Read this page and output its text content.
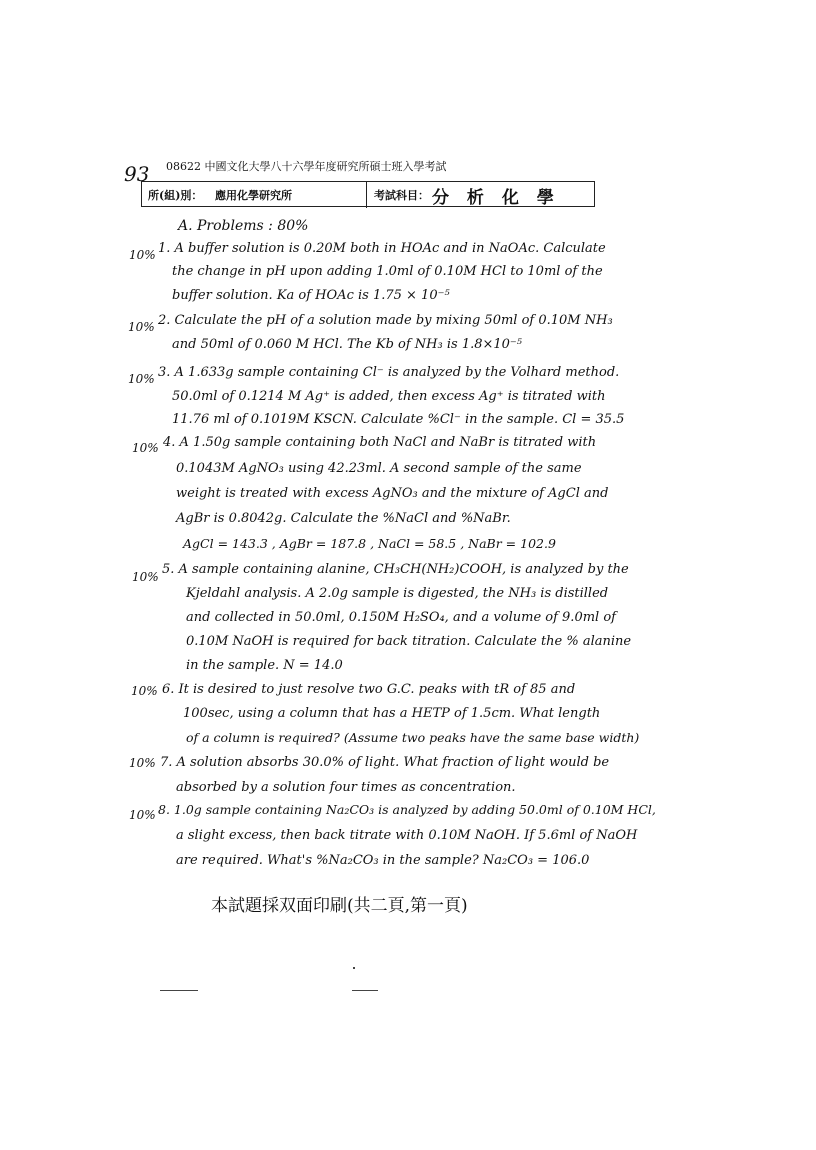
93 08622 中國文化大學八十六學年度研究所碩士班入學考試
所(組)別： 應用化學研究所	考試科目： 分 析 化 學
A. Problems : 80%
10% 1. A buffer solution is 0.20M both in HOAc and in NaOAc. Calculate
the change in pH upon adding 1.0ml of 0.10M HCl to 10ml of the
buffer solution. Ka of HOAc is 1.75 × 10⁻⁵
10% 2. Calculate the pH of a solution made by mixing 50ml of 0.10M NH₃
and 50ml of 0.060 M HCl. The Kb of NH₃ is 1.8×10⁻⁵
10% 3. A 1.633g sample containing Cl⁻ is analyzed by the Volhard method.
50.0ml of 0.1214 M Ag⁺ is added, then excess Ag⁺ is titrated with
11.76 ml of 0.1019M KSCN. Calculate %Cl⁻ in the sample. Cl = 35.5
10% 4. A 1.50g sample containing both NaCl and NaBr is titrated with
0.1043M AgNO₃ using 42.23ml. A second sample of the same
weight is treated with excess AgNO₃ and the mixture of AgCl and
AgBr is 0.8042g. Calculate the %NaCl and %NaBr.
AgCl = 143.3 , AgBr = 187.8 , NaCl = 58.5 , NaBr = 102.9
10% 5. A sample containing alanine, CH₃CH(NH₂)COOH, is analyzed by the
Kjeldahl analysis. A 2.0g sample is digested, the NH₃ is distilled
and collected in 50.0ml, 0.150M H₂SO₄, and a volume of 9.0ml of
0.10M NaOH is required for back titration. Calculate the % alanine
in the sample. N = 14.0
10% 6. It is desired to just resolve two G.C. peaks with tR of 85 and
100sec, using a column that has a HETP of 1.5cm. What length
of a column is required? (Assume two peaks have the same base width)
10% 7. A solution absorbs 30.0% of light. What fraction of light would be
absorbed by a solution four times as concentration.
10% 8. 1.0g sample containing Na₂CO₃ is analyzed by adding 50.0ml of 0.10M HCl,
a slight excess, then back titrate with 0.10M NaOH. If 5.6ml of NaOH
are required. What's %Na₂CO₃ in the sample? Na₂CO₃ = 106.0
本試題採双面印刷(共二頁,第一頁)
